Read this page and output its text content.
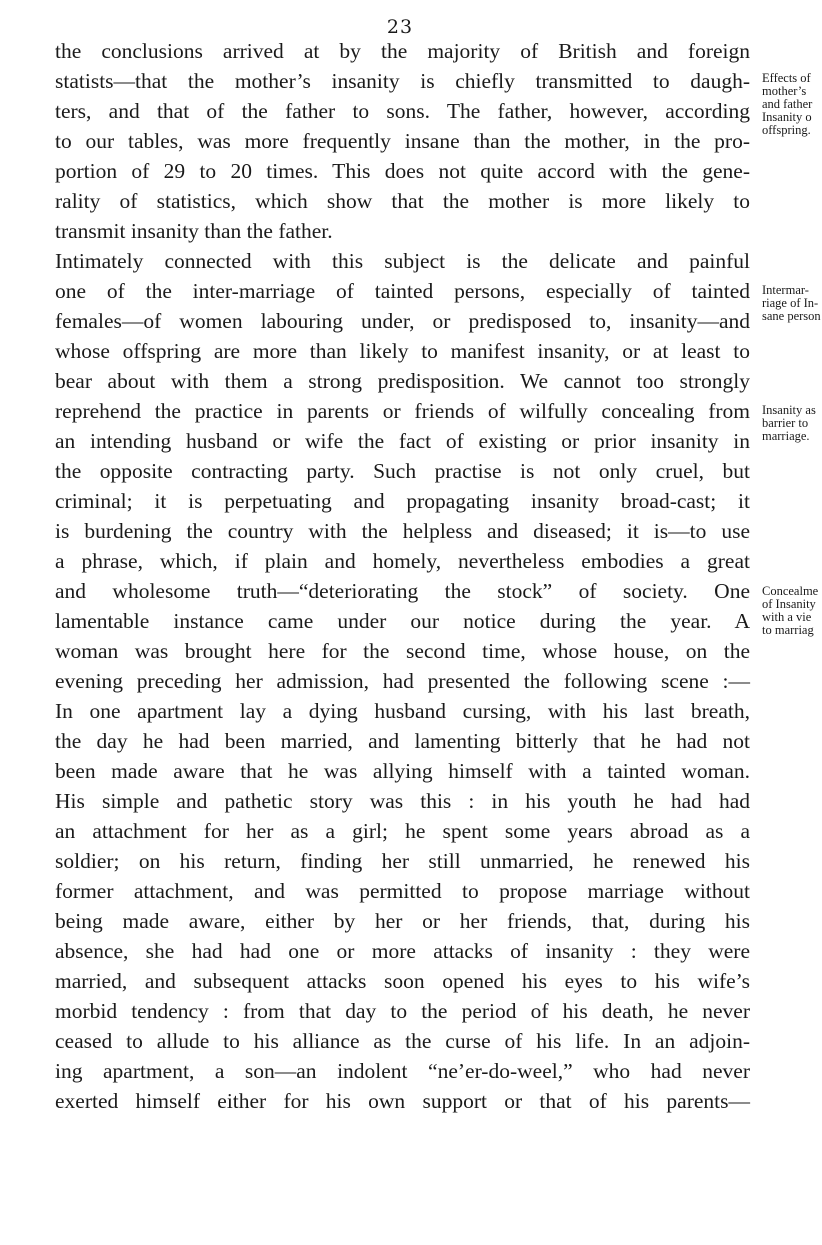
23
the conclusions arrived at by the majority of British and foreign
statists—that the mother’s insanity is chiefly transmitted to daugh-
ters, and that of the father to sons. The father, however, according
to our tables, was more frequently insane than the mother, in the pro-
portion of 29 to 20 times. This does not quite accord with the gene-
rality of statistics, which show that the mother is more likely to
transmit insanity than the father.
Intimately connected with this subject is the delicate and painful
one of the inter-marriage of tainted persons, especially of tainted
females—of women labouring under, or predisposed to, insanity—and
whose offspring are more than likely to manifest insanity, or at least to
bear about with them a strong predisposition. We cannot too strongly
reprehend the practice in parents or friends of wilfully concealing from
an intending husband or wife the fact of existing or prior insanity in
the opposite contracting party. Such practise is not only cruel, but
criminal; it is perpetuating and propagating insanity broad-cast; it
is burdening the country with the helpless and diseased; it is—to use
a phrase, which, if plain and homely, nevertheless embodies a great
and wholesome truth—“deteriorating the stock” of society. One
lamentable instance came under our notice during the year. A
woman was brought here for the second time, whose house, on the
evening preceding her admission, had presented the following scene :—
In one apartment lay a dying husband cursing, with his last breath,
the day he had been married, and lamenting bitterly that he had not
been made aware that he was allying himself with a tainted woman.
His simple and pathetic story was this : in his youth he had had
an attachment for her as a girl; he spent some years abroad as a
soldier; on his return, finding her still unmarried, he renewed his
former attachment, and was permitted to propose marriage without
being made aware, either by her or her friends, that, during his
absence, she had had one or more attacks of insanity : they were
married, and subsequent attacks soon opened his eyes to his wife’s
morbid tendency : from that day to the period of his death, he never
ceased to allude to his alliance as the curse of his life. In an adjoin-
ing apartment, a son—an indolent “ne’er-do-weel,” who had never
exerted himself either for his own support or that of his parents—
Effects of
mother’s
and father
Insanity o
offspring.
Intermar-
riage of In-
sane person
Insanity as
barrier to
marriage.
Concealme
of Insanity
with a vie
to marriag
